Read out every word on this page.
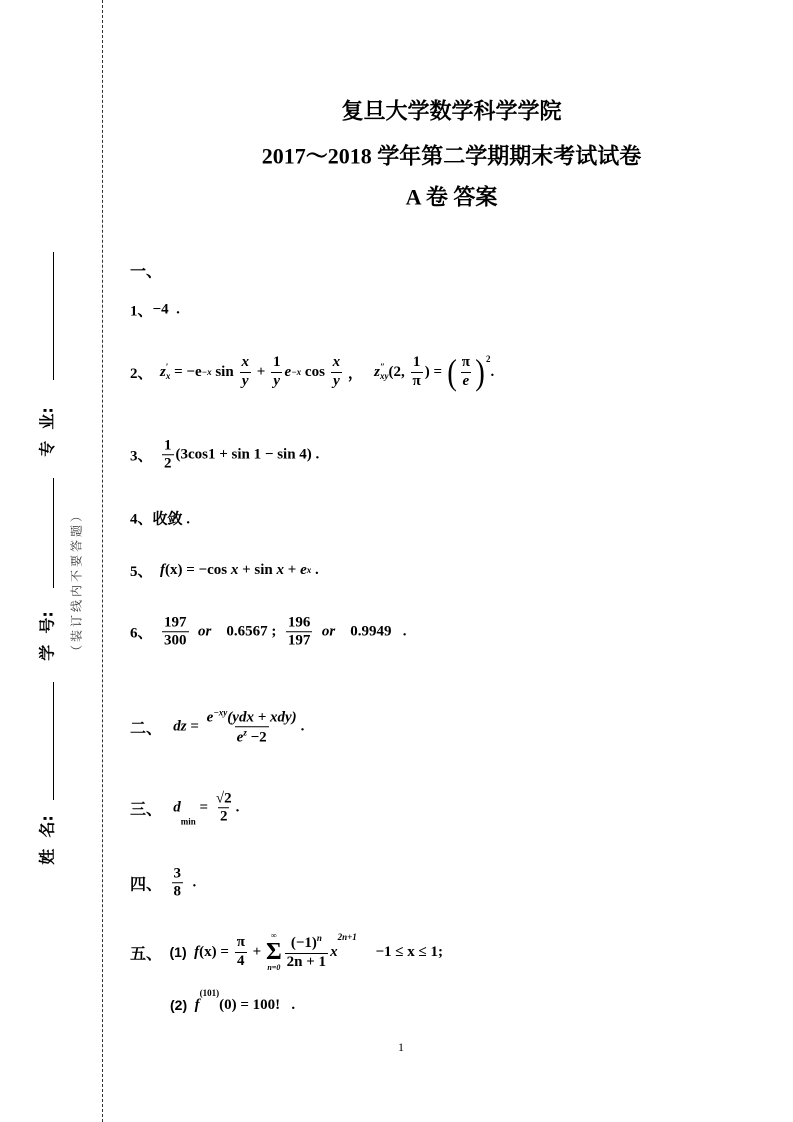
专  业:
学  号:
姓  名:
（装订线内不要答题）
复旦大学数学科学学院
2017～2018 学年第二学期期末考试试卷
A 卷 答案
一、
1、 −4  .
2、

z ′
x = −e −x $\sin \frac{x}{y} + \frac{1}{y}$ e −x $\cos \frac{x}{y}$ ， z ″
xy (2, $\frac{1}{\pi}$ ) = ( $\frac{\pi}{e} )^2$
.
3、

$\frac{1}{2} (3\cos 1 + \sin 1 - \sin 4)$ .
4、 收敛 .
5、

f (x) = −cos x + sin x + e x .
6、

$\frac{197}{300}$ or 0.6567 ; $\frac{196}{197}$ or 0.9949   .
二、

dz = $\frac{e^{-xy}(ydx + xdy)}{e^z -2}$ .
三、

d
$_{min}$
= $\frac{√2}{2}$ .
四、

$\frac{3}{8}$ .
五、

(1)

f $(x) = \frac{\pi}{4}$ +
∞
Σ
$n=0 \frac{(-1)^n}{2n + 1}$ x
2n+1
−1 ≤ x ≤ 1;
(2)

f
$^{(101)}$
(0) = 100!   .
1
